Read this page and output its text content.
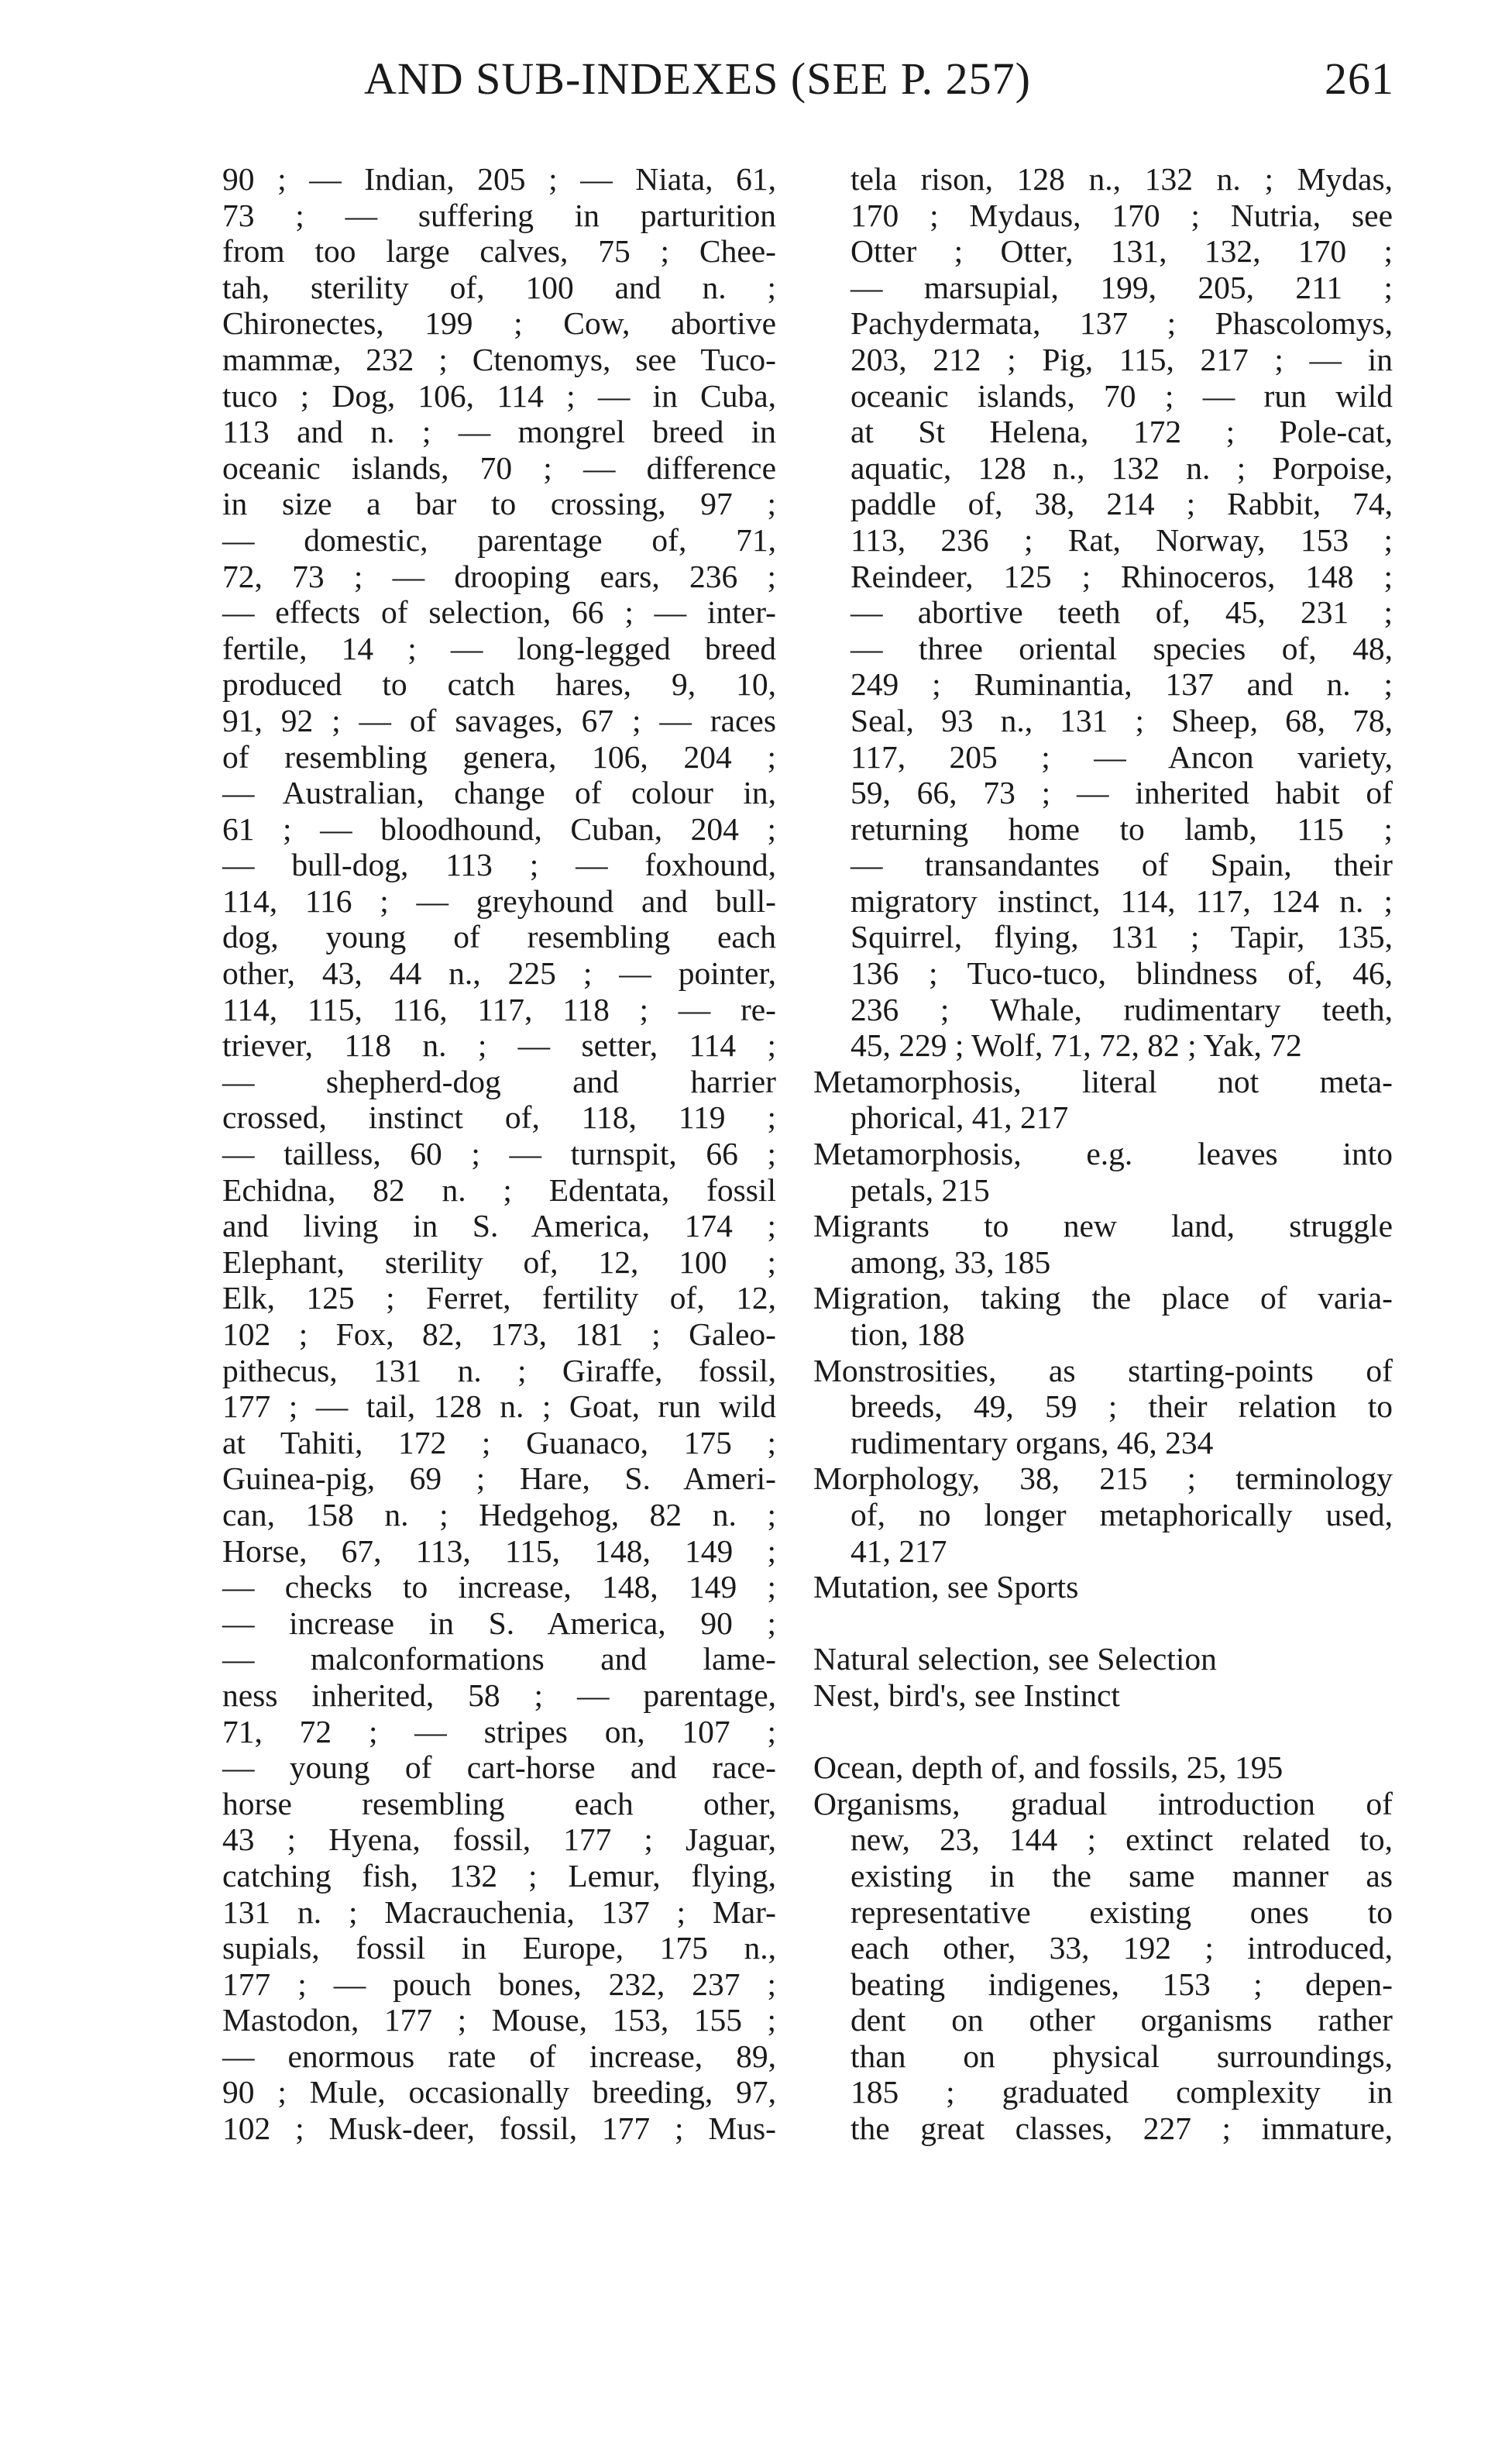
AND SUB-INDEXES (SEE P. 257)	261
90 ; — Indian, 205 ; — Niata, 61,
73 ; — suffering in parturition
from too large calves, 75 ; Chee-
tah, sterility of, 100 and n. ;
Chironectes, 199 ; Cow, abortive
mammæ, 232 ; Ctenomys, see Tuco-
tuco ; Dog, 106, 114 ; — in Cuba,
113 and n. ; — mongrel breed in
oceanic islands, 70 ; — difference
in size a bar to crossing, 97 ;
— domestic, parentage of, 71,
72, 73 ; — drooping ears, 236 ;
— effects of selection, 66 ; — inter-
fertile, 14 ; — long-legged breed
produced to catch hares, 9, 10,
91, 92 ; — of savages, 67 ; — races
of resembling genera, 106, 204 ;
— Australian, change of colour in,
61 ; — bloodhound, Cuban, 204 ;
— bull-dog, 113 ; — foxhound,
114, 116 ; — greyhound and bull-
dog, young of resembling each
other, 43, 44 n., 225 ; — pointer,
114, 115, 116, 117, 118 ; — re-
triever, 118 n. ; — setter, 114 ;
— shepherd-dog and harrier
crossed, instinct of, 118, 119 ;
— tailless, 60 ; — turnspit, 66 ;
Echidna, 82 n. ; Edentata, fossil
and living in S. America, 174 ;
Elephant, sterility of, 12, 100 ;
Elk, 125 ; Ferret, fertility of, 12,
102 ; Fox, 82, 173, 181 ; Galeo-
pithecus, 131 n. ; Giraffe, fossil,
177 ; — tail, 128 n. ; Goat, run wild
at Tahiti, 172 ; Guanaco, 175 ;
Guinea-pig, 69 ; Hare, S. Ameri-
can, 158 n. ; Hedgehog, 82 n. ;
Horse, 67, 113, 115, 148, 149 ;
— checks to increase, 148, 149 ;
— increase in S. America, 90 ;
— malconformations and lame-
ness inherited, 58 ; — parentage,
71, 72 ; — stripes on, 107 ;
— young of cart-horse and race-
horse resembling each other,
43 ; Hyena, fossil, 177 ; Jaguar,
catching fish, 132 ; Lemur, flying,
131 n. ; Macrauchenia, 137 ; Mar-
supials, fossil in Europe, 175 n.,
177 ; — pouch bones, 232, 237 ;
Mastodon, 177 ; Mouse, 153, 155 ;
— enormous rate of increase, 89,
90 ; Mule, occasionally breeding, 97,
102 ; Musk-deer, fossil, 177 ; Mus-
tela rison, 128 n., 132 n. ; Mydas,
170 ; Mydaus, 170 ; Nutria, see
Otter ; Otter, 131, 132, 170 ;
— marsupial, 199, 205, 211 ;
Pachydermata, 137 ; Phascolomys,
203, 212 ; Pig, 115, 217 ; — in
oceanic islands, 70 ; — run wild
at St Helena, 172 ; Pole-cat,
aquatic, 128 n., 132 n. ; Porpoise,
paddle of, 38, 214 ; Rabbit, 74,
113, 236 ; Rat, Norway, 153 ;
Reindeer, 125 ; Rhinoceros, 148 ;
— abortive teeth of, 45, 231 ;
— three oriental species of, 48,
249 ; Ruminantia, 137 and n. ;
Seal, 93 n., 131 ; Sheep, 68, 78,
117, 205 ; — Ancon variety,
59, 66, 73 ; — inherited habit of
returning home to lamb, 115 ;
— transandantes of Spain, their
migratory instinct, 114, 117, 124 n. ;
Squirrel, flying, 131 ; Tapir, 135,
136 ; Tuco-tuco, blindness of, 46,
236 ; Whale, rudimentary teeth,
45, 229 ; Wolf, 71, 72, 82 ; Yak, 72
Metamorphosis, literal not meta-
phorical, 41, 217
Metamorphosis, e.g. leaves into
petals, 215
Migrants to new land, struggle
among, 33, 185
Migration, taking the place of varia-
tion, 188
Monstrosities, as starting-points of
breeds, 49, 59 ; their relation to
rudimentary organs, 46, 234
Morphology, 38, 215 ; terminology
of, no longer metaphorically used,
41, 217
Mutation, see Sports
Natural selection, see Selection
Nest, bird's, see Instinct
Ocean, depth of, and fossils, 25, 195
Organisms, gradual introduction of
new, 23, 144 ; extinct related to,
existing in the same manner as
representative existing ones to
each other, 33, 192 ; introduced,
beating indigenes, 153 ; depen-
dent on other organisms rather
than on physical surroundings,
185 ; graduated complexity in
the great classes, 227 ; immature,
